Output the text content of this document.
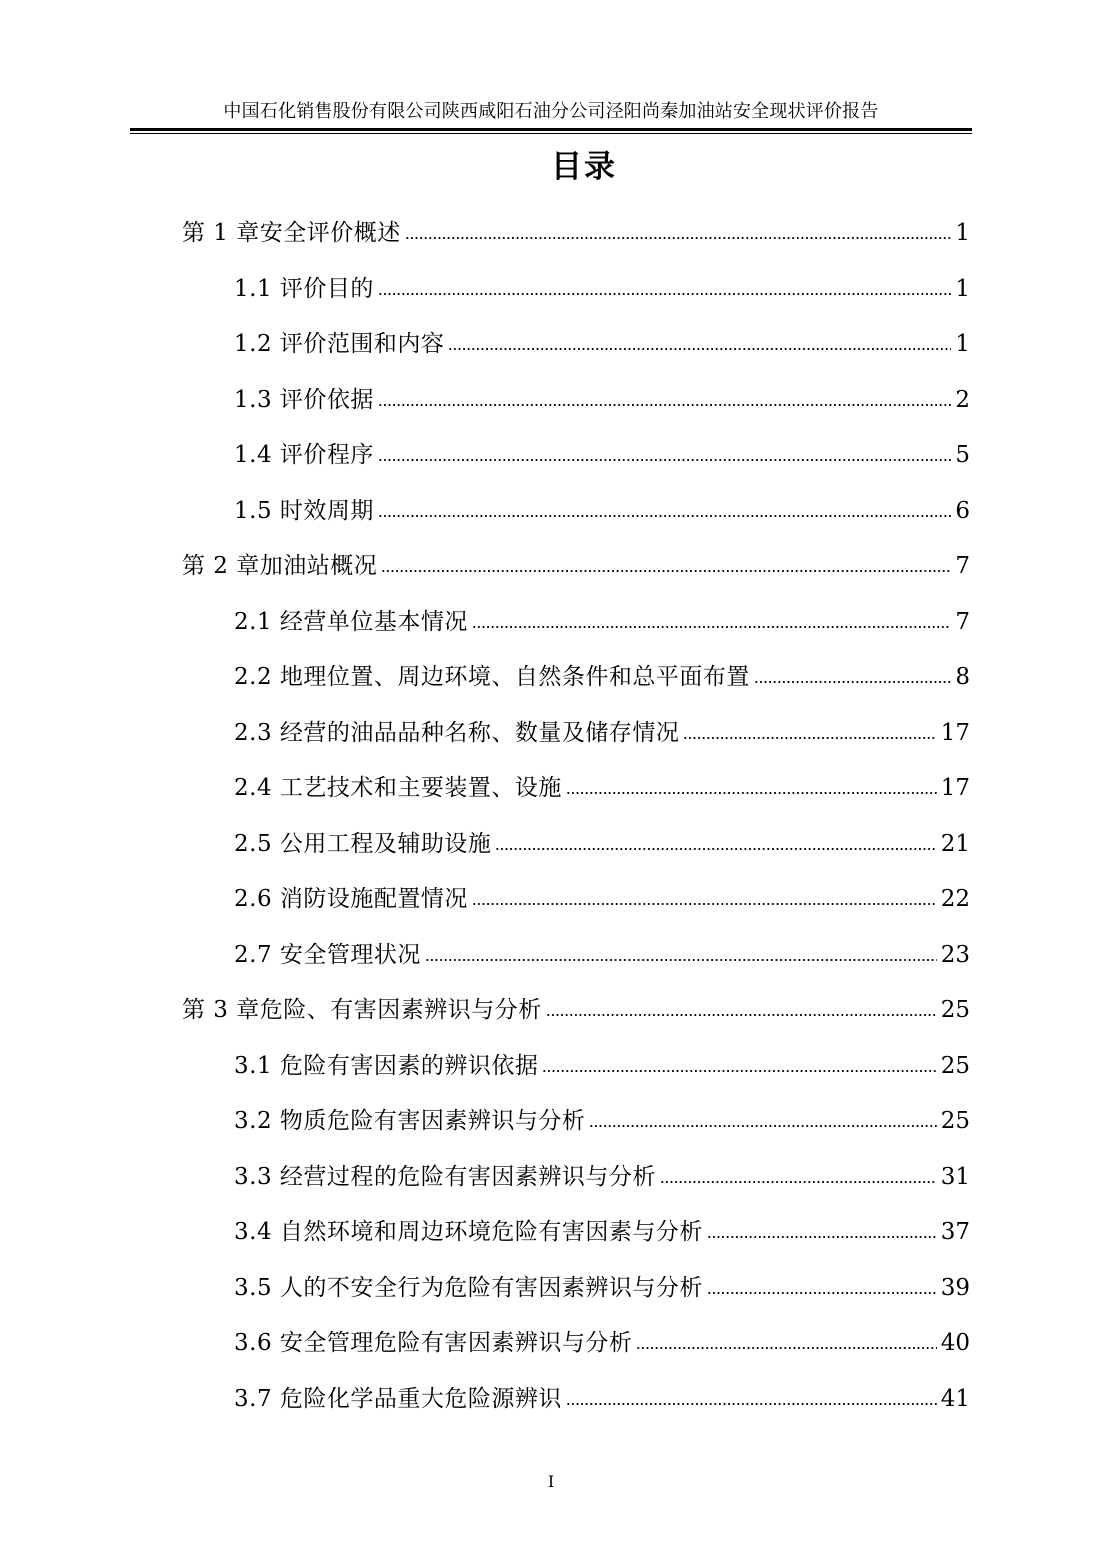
中国石化销售股份有限公司陕西咸阳石油分公司泾阳尚秦加油站安全现状评价报告
目录
第 1 章安全评价概述	1
1.1 评价目的	1
1.2 评价范围和内容	1
1.3 评价依据	2
1.4 评价程序	5
1.5 时效周期	6
第 2 章加油站概况	7
2.1 经营单位基本情况	7
2.2 地理位置、周边环境、自然条件和总平面布置	8
2.3 经营的油品品种名称、数量及储存情况	17
2.4 工艺技术和主要装置、设施	17
2.5 公用工程及辅助设施	21
2.6 消防设施配置情况	22
2.7 安全管理状况	23
第 3 章危险、有害因素辨识与分析	25
3.1 危险有害因素的辨识依据	25
3.2 物质危险有害因素辨识与分析	25
3.3 经营过程的危险有害因素辨识与分析	31
3.4 自然环境和周边环境危险有害因素与分析	37
3.5 人的不安全行为危险有害因素辨识与分析	39
3.6 安全管理危险有害因素辨识与分析	40
3.7 危险化学品重大危险源辨识	41
I
